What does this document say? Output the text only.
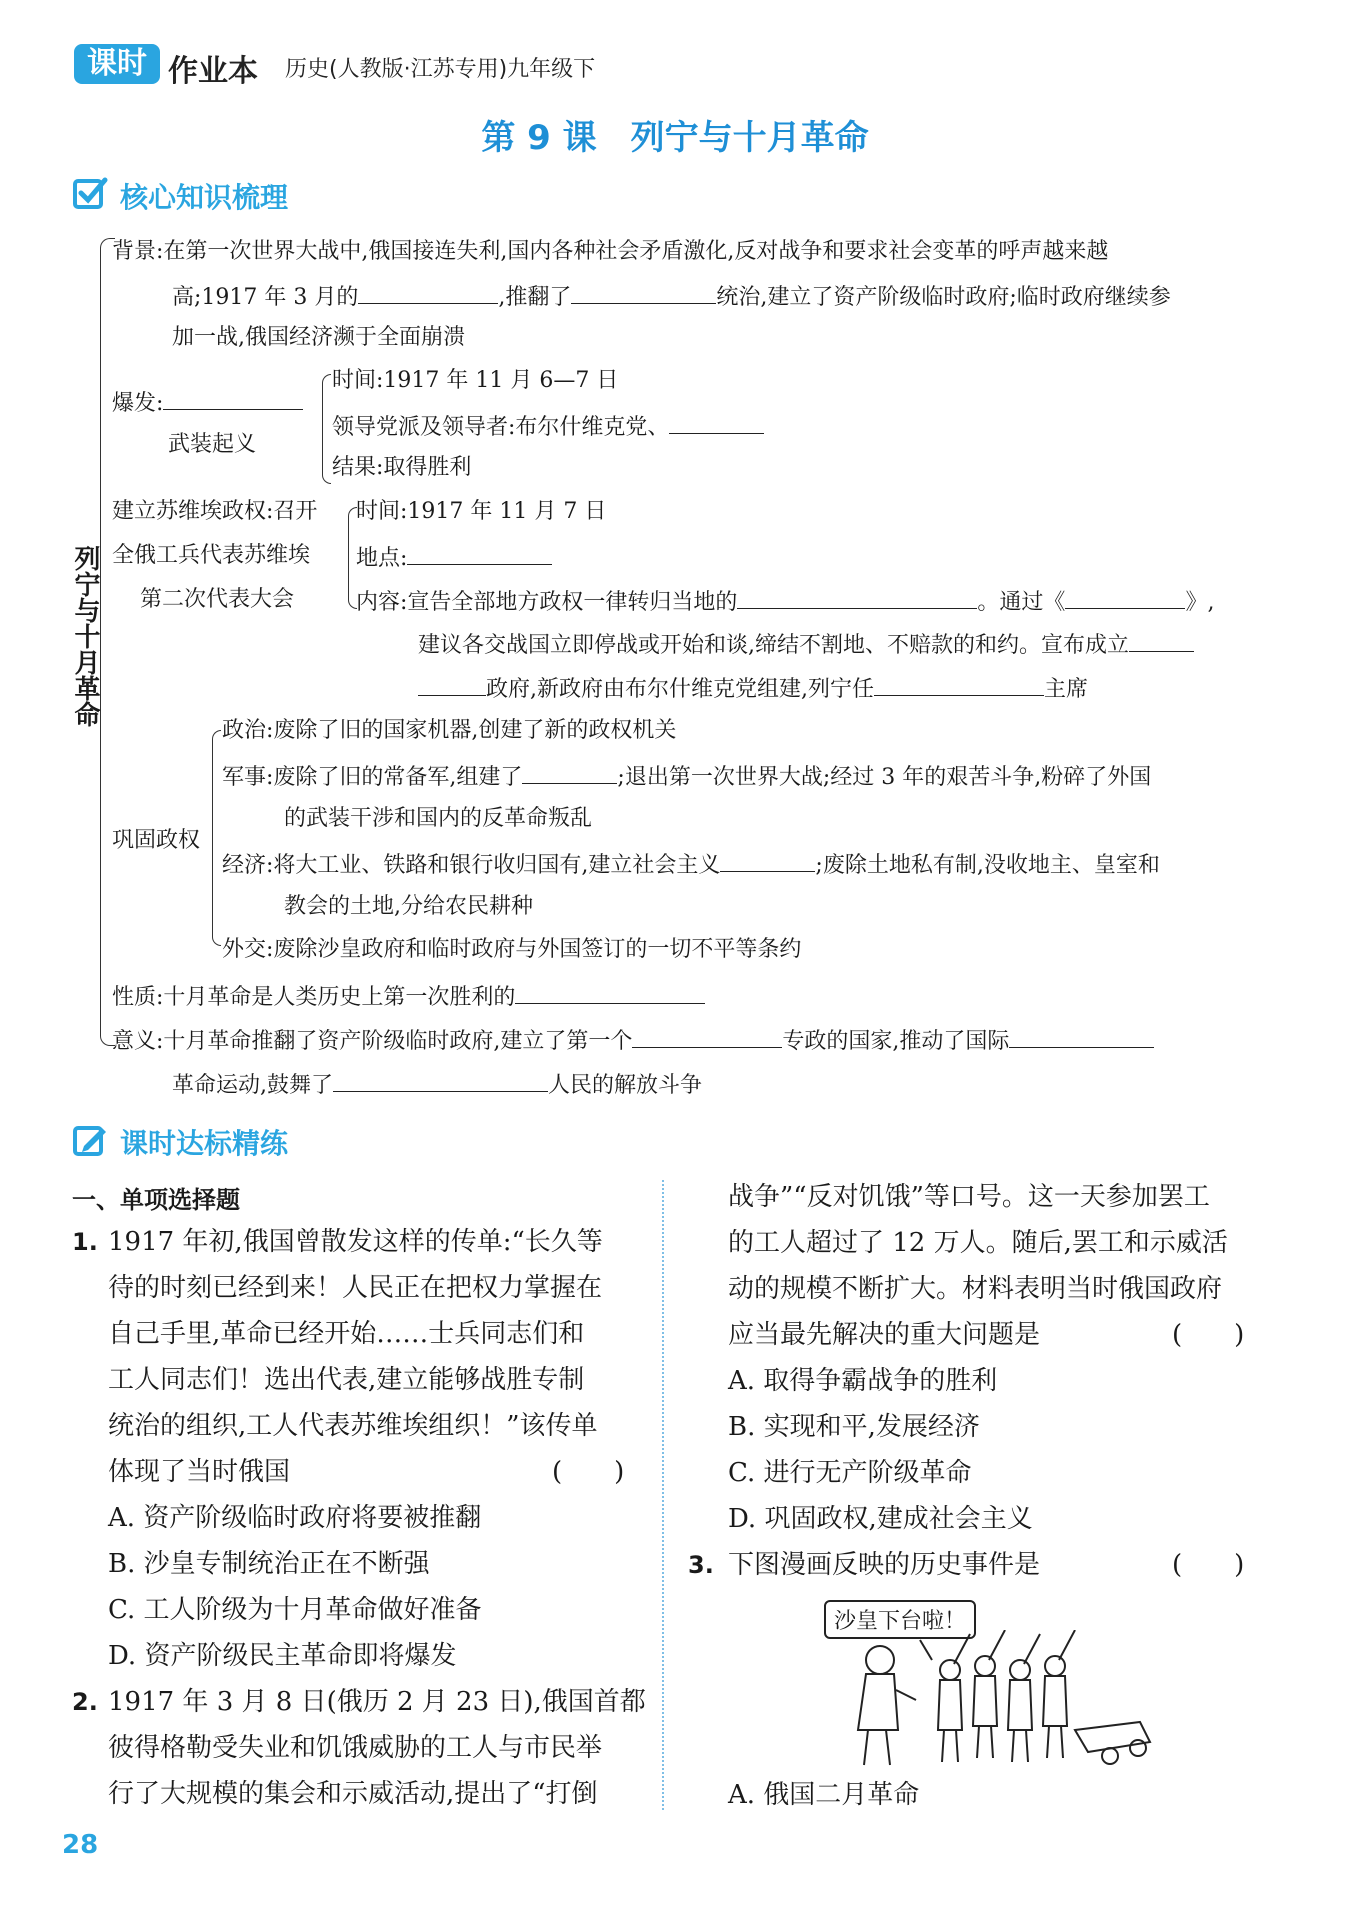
课时 作业本 历史(人教版·江苏专用)九年级下
第 9 课　列宁与十月革命
核心知识梳理
列宁与十月革命
背景:在第一次世界大战中,俄国接连失利,国内各种社会矛盾激化,反对战争和要求社会变革的呼声越来越
高;1917 年 3 月的	,推翻了	统治,建立了资产阶级临时政府;临时政府继续参
加一战,俄国经济濒于全面崩溃
爆发:
武装起义
时间:1917 年 11 月 6—7 日
领导党派及领导者:布尔什维克党、
结果:取得胜利
建立苏维埃政权:召开
全俄工兵代表苏维埃
第二次代表大会
时间:1917 年 11 月 7 日
地点:
内容:宣告全部地方政权一律转归当地的	。通过《	》,
建议各交战国立即停战或开始和谈,缔结不割地、不赔款的和约。宣布成立
政府,新政府由布尔什维克党组建,列宁任	主席
巩固政权
政治:废除了旧的国家机器,创建了新的政权机关
军事:废除了旧的常备军,组建了	;退出第一次世界大战;经过 3 年的艰苦斗争,粉碎了外国
的武装干涉和国内的反革命叛乱
经济:将大工业、铁路和银行收归国有,建立社会主义	;废除土地私有制,没收地主、皇室和
教会的土地,分给农民耕种
外交:废除沙皇政府和临时政府与外国签订的一切不平等条约
性质:十月革命是人类历史上第一次胜利的
意义:十月革命推翻了资产阶级临时政府,建立了第一个	专政的国家,推动了国际
革命运动,鼓舞了	人民的解放斗争
课时达标精练
一、单项选择题
1. 1917 年初,俄国曾散发这样的传单:“长久等
待的时刻已经到来！人民正在把权力掌握在
自己手里,革命已经开始……士兵同志们和
工人同志们！选出代表,建立能够战胜专制
统治的组织,工人代表苏维埃组织！”该传单
体现了当时俄国	(　　)
A. 资产阶级临时政府将要被推翻
B. 沙皇专制统治正在不断强
C. 工人阶级为十月革命做好准备
D. 资产阶级民主革命即将爆发
2. 1917 年 3 月 8 日(俄历 2 月 23 日),俄国首都
彼得格勒受失业和饥饿威胁的工人与市民举
行了大规模的集会和示威活动,提出了“打倒
战争”“反对饥饿”等口号。这一天参加罢工
的工人超过了 12 万人。随后,罢工和示威活
动的规模不断扩大。材料表明当时俄国政府
应当最先解决的重大问题是	(　　)
A. 取得争霸战争的胜利
B. 实现和平,发展经济
C. 进行无产阶级革命
D. 巩固政权,建成社会主义
3. 下图漫画反映的历史事件是	(　　)
沙皇下台啦！
A. 俄国二月革命
28
